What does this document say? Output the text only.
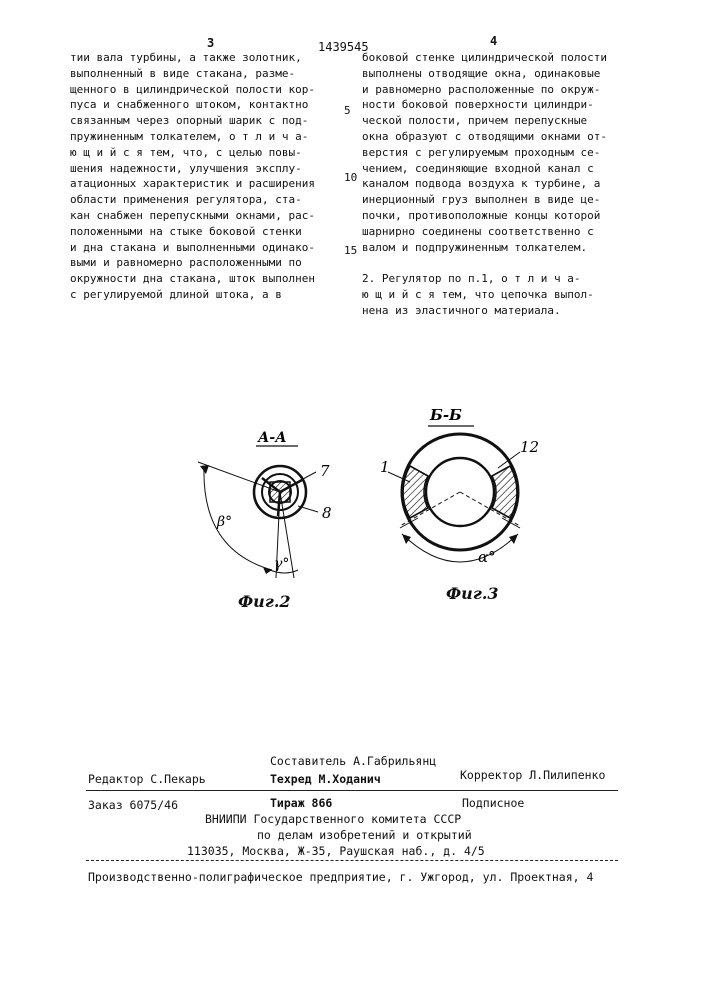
3	1439545	4
тии вала турбины, а также золотник,
выполненный в виде стакана, разме-
щенного в цилиндрической полости кор-
пуса и снабженного штоком, контактно
связанным через опорный шарик с под-
пружиненным толкателем, о т л и ч а-
ю щ и й с я тем, что, с целью повы-
шения надежности, улучшения эксплу-
атационных характеристик и расширения
области применения регулятора, ста-
кан снабжен перепускными окнами, рас-
положенными на стыке боковой стенки
и дна стакана и выполненными одинако-
выми и равномерно расположенными по
окружности дна стакана, шток выполнен
с регулируемой длиной штока, а в
боковой стенке цилиндрической полости
выполнены отводящие окна, одинаковые
и равномерно расположенные по окруж-
ности боковой поверхности цилиндри-
ческой полости, причем перепускные
окна образуют с отводящими окнами от-
верстия с регулируемым проходным се-
чением, соединяющие входной канал с
каналом подвода воздуха к турбине, а
инерционный груз выполнен в виде це-
почки, противоположные концы которой
шарнирно соединены соответственно с
валом и подпружиненным толкателем.

2. Регулятор по п.1, о т л и ч а-
ю щ и й с я тем, что цепочка выпол-
нена из эластичного материала.
5
10
15
А-А
β°
γ°
7
8
Фиг.2
Б-Б
α°
1
12
Фиг.3
Составитель А.Габрильянц
Редактор С.Пекарь	Техред М.Ходанич	Корректор Л.Пилипенко
Заказ 6075/46	Тираж 866	Подписное
ВНИИПИ Государственного комитета СССР
по делам изобретений и открытий
113035, Москва, Ж-35, Раушская наб., д. 4/5
Производственно-полиграфическое предприятие, г. Ужгород, ул. Проектная, 4
